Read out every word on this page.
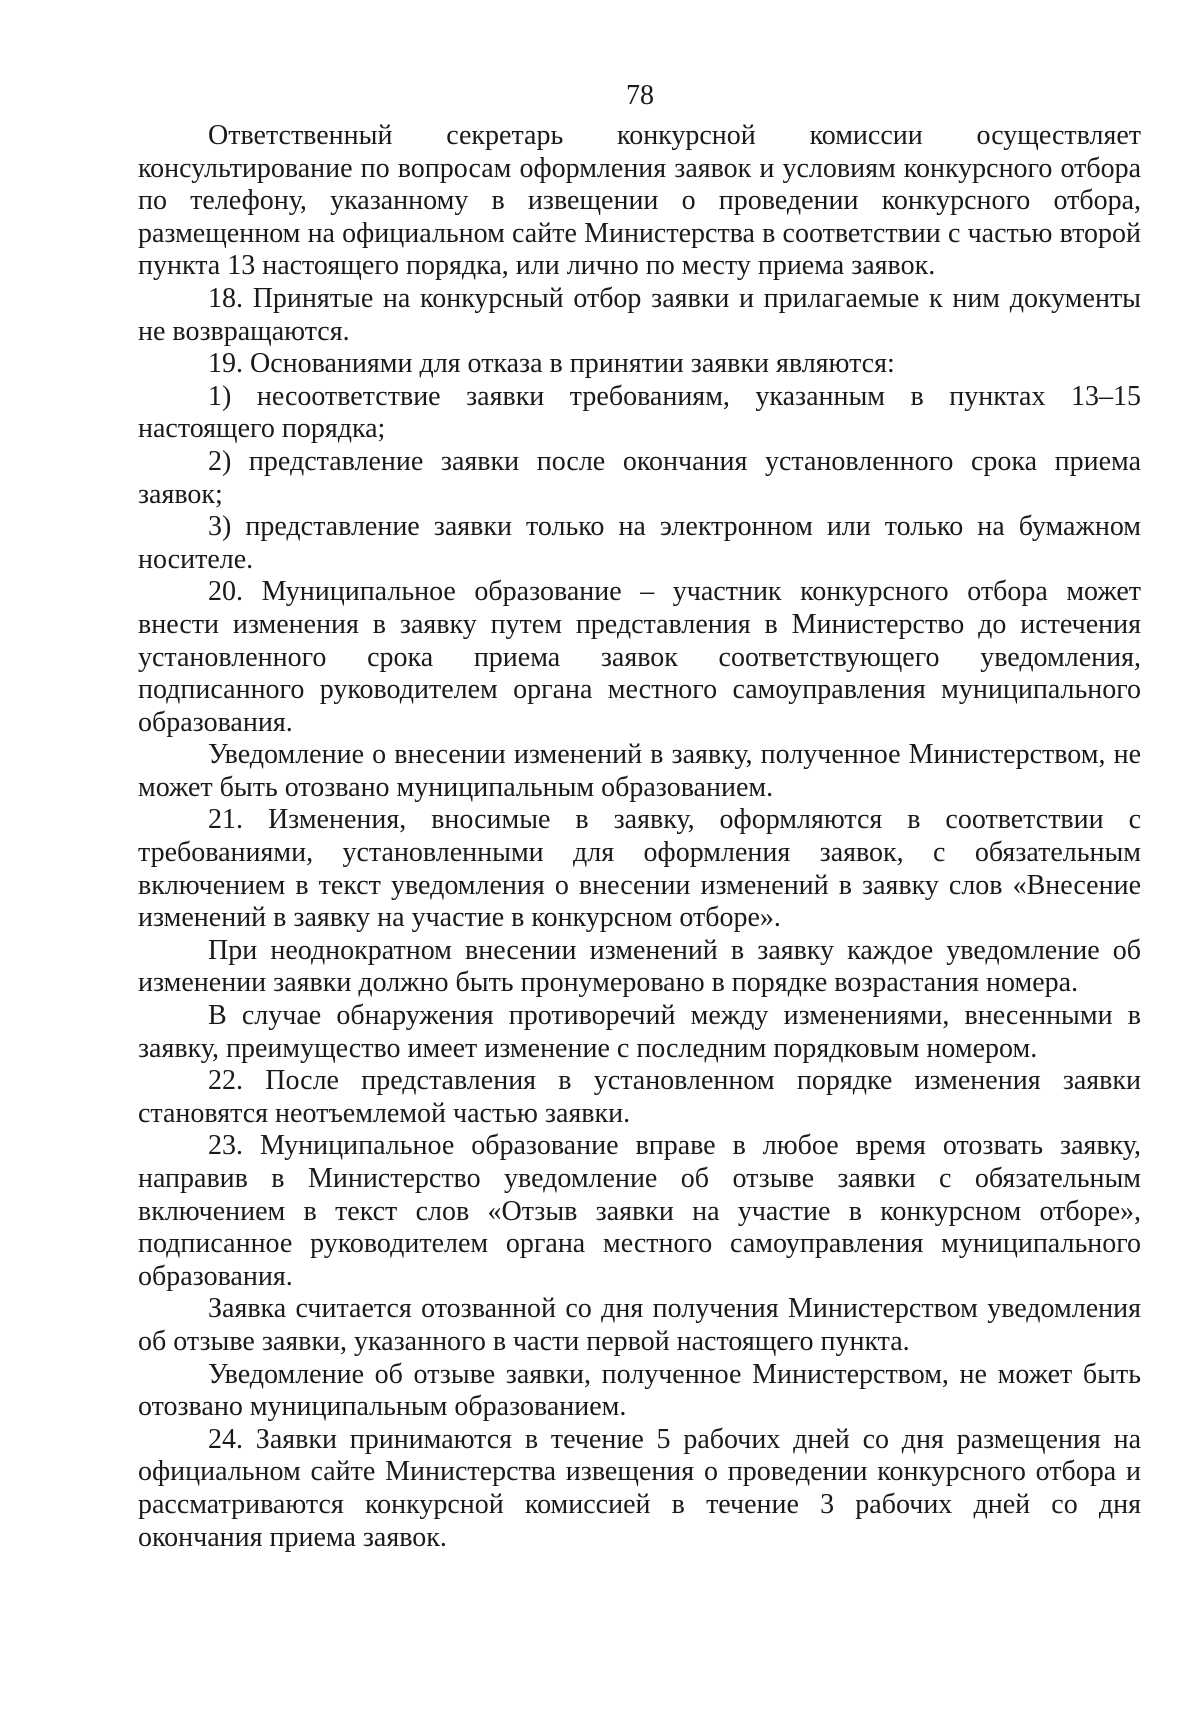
78

Ответственный секретарь конкурсной комиссии осуществляет консультирование по вопросам оформления заявок и условиям конкурсного отбора по телефону, указанному в извещении о проведении конкурсного отбора, размещенном на официальном сайте Министерства в соответствии с частью второй пункта 13 настоящего порядка, или лично по месту приема заявок.

18. Принятые на конкурсный отбор заявки и прилагаемые к ним документы не возвращаются.

19. Основаниями для отказа в принятии заявки являются:

1) несоответствие заявки требованиям, указанным в пунктах 13–15 настоящего порядка;

2) представление заявки после окончания установленного срока приема заявок;

3) представление заявки только на электронном или только на бумажном носителе.

20. Муниципальное образование – участник конкурсного отбора может внести изменения в заявку путем представления в Министерство до истечения установленного срока приема заявок соответствующего уведомления, подписанного руководителем органа местного самоуправления муниципального образования.

Уведомление о внесении изменений в заявку, полученное Министерством, не может быть отозвано муниципальным образованием.

21. Изменения, вносимые в заявку, оформляются в соответствии с требованиями, установленными для оформления заявок, с обязательным включением в текст уведомления о внесении изменений в заявку слов «Внесение изменений в заявку на участие в конкурсном отборе».

При неоднократном внесении изменений в заявку каждое уведомление об изменении заявки должно быть пронумеровано в порядке возрастания номера.

В случае обнаружения противоречий между изменениями, внесенными в заявку, преимущество имеет изменение с последним порядковым номером.

22. После представления в установленном порядке изменения заявки становятся неотъемлемой частью заявки.

23. Муниципальное образование вправе в любое время отозвать заявку, направив в Министерство уведомление об отзыве заявки с обязательным включением в текст слов «Отзыв заявки на участие в конкурсном отборе», подписанное руководителем органа местного самоуправления муниципального образования.

Заявка считается отозванной со дня получения Министерством уведомления об отзыве заявки, указанного в части первой настоящего пункта.

Уведомление об отзыве заявки, полученное Министерством, не может быть отозвано муниципальным образованием.

24. Заявки принимаются в течение 5 рабочих дней со дня размещения на официальном сайте Министерства извещения о проведении конкурсного отбора и рассматриваются конкурсной комиссией в течение 3 рабочих дней со дня окончания приема заявок.
